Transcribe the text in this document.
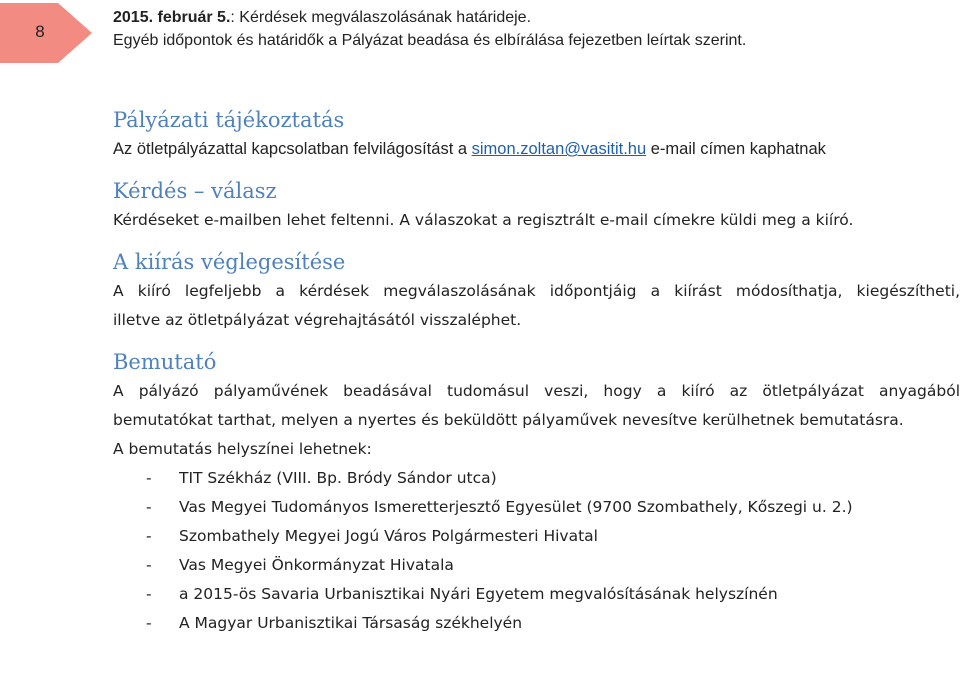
8
2015. február 5.: Kérdések megválaszolásának határideje.
Egyéb időpontok és határidők a Pályázat beadása és elbírálása fejezetben leírtak szerint.
Pályázati tájékoztatás

Az ötletpályázattal kapcsolatban felvilágosítást a simon.zoltan@vasitit.hu e-mail címen kaphatnak

Kérdés – válasz

Kérdéseket e-mailben lehet feltenni. A válaszokat a regisztrált e-mail címekre küldi meg a kiíró.

A kiírás véglegesítése

A kiíró legfeljebb a kérdések megválaszolásának időpontjáig a kiírást módosíthatja, kiegészítheti,
illetve az ötletpályázat végrehajtásától visszaléphet.

Bemutató

A pályázó pályaművének beadásával tudomásul veszi, hogy a kiíró az ötletpályázat anyagából
bemutatókat tarthat, melyen a nyertes és beküldött pályaművek nevesítve kerülhetnek bemutatásra.

A bemutatás helyszínei lehetnek:

- TIT Székház (VIII. Bp. Bródy Sándor utca)
- Vas Megyei Tudományos Ismeretterjesztő Egyesület (9700 Szombathely, Kőszegi u. 2.)
- Szombathely Megyei Jogú Város Polgármesteri Hivatal
- Vas Megyei Önkormányzat Hivatala
- a 2015-ös Savaria Urbanisztikai Nyári Egyetem megvalósításának helyszínén
- A Magyar Urbanisztikai Társaság székhelyén
